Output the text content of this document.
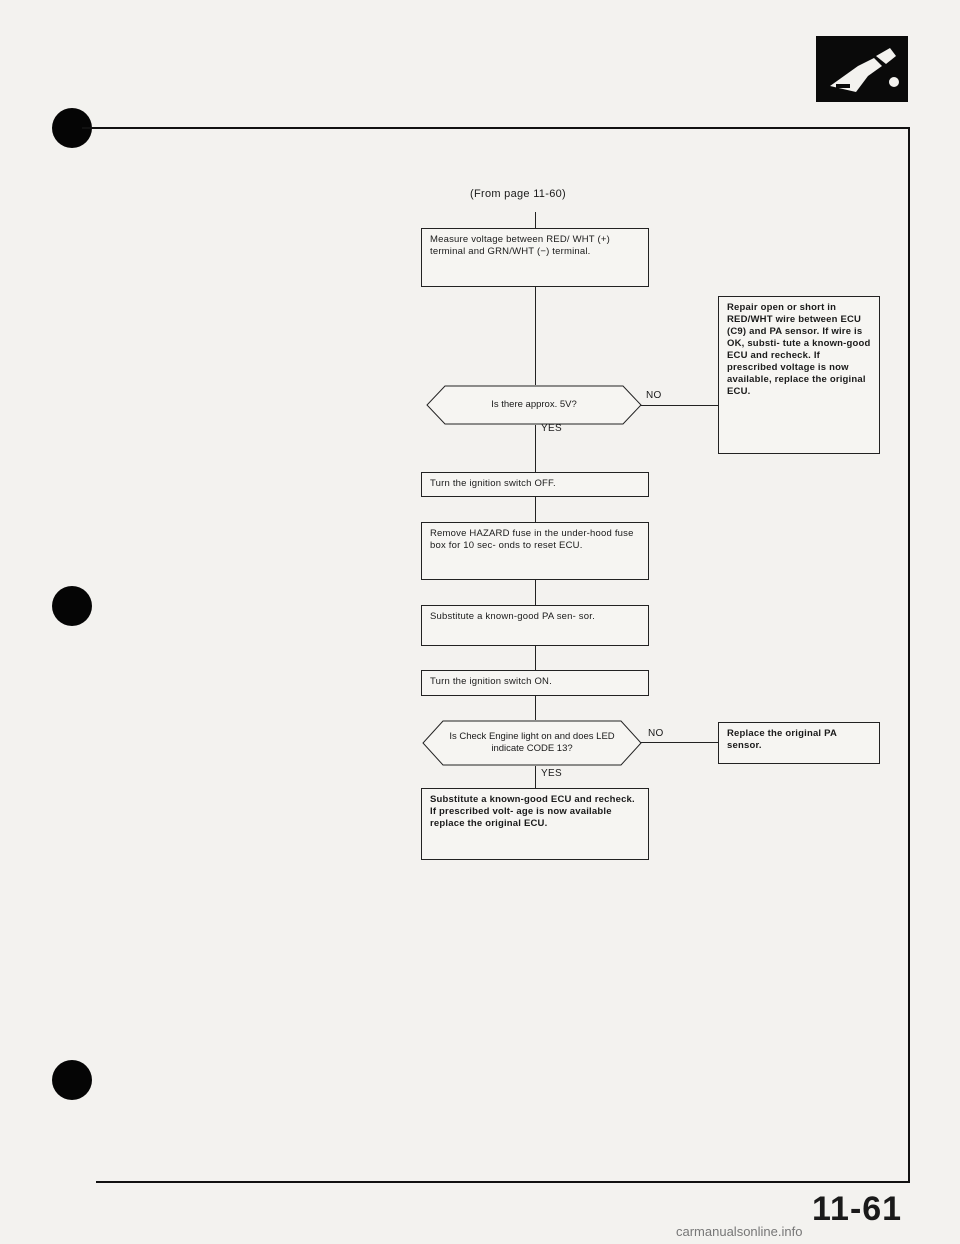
(From page 11-60)
Measure voltage between RED/ WHT (+) terminal and GRN/WHT (−) terminal.
Is there approx. 5V?
NO
YES
Repair open or short in RED/WHT wire between ECU (C9) and PA sensor. If wire is OK, substi- tute a known-good ECU and recheck. If prescribed voltage is now available, replace the original ECU.
Turn the ignition switch OFF.
Remove HAZARD fuse in the under-hood fuse box for 10 sec- onds to reset ECU.
Substitute a known-good PA sen- sor.
Turn the ignition switch ON.
Is Check Engine light on and does LED indicate CODE 13?
NO
YES
Replace the original PA sensor.
Substitute a known-good ECU and recheck. If prescribed volt- age is now available replace the original ECU.
11-61
carmanualsonline.info
